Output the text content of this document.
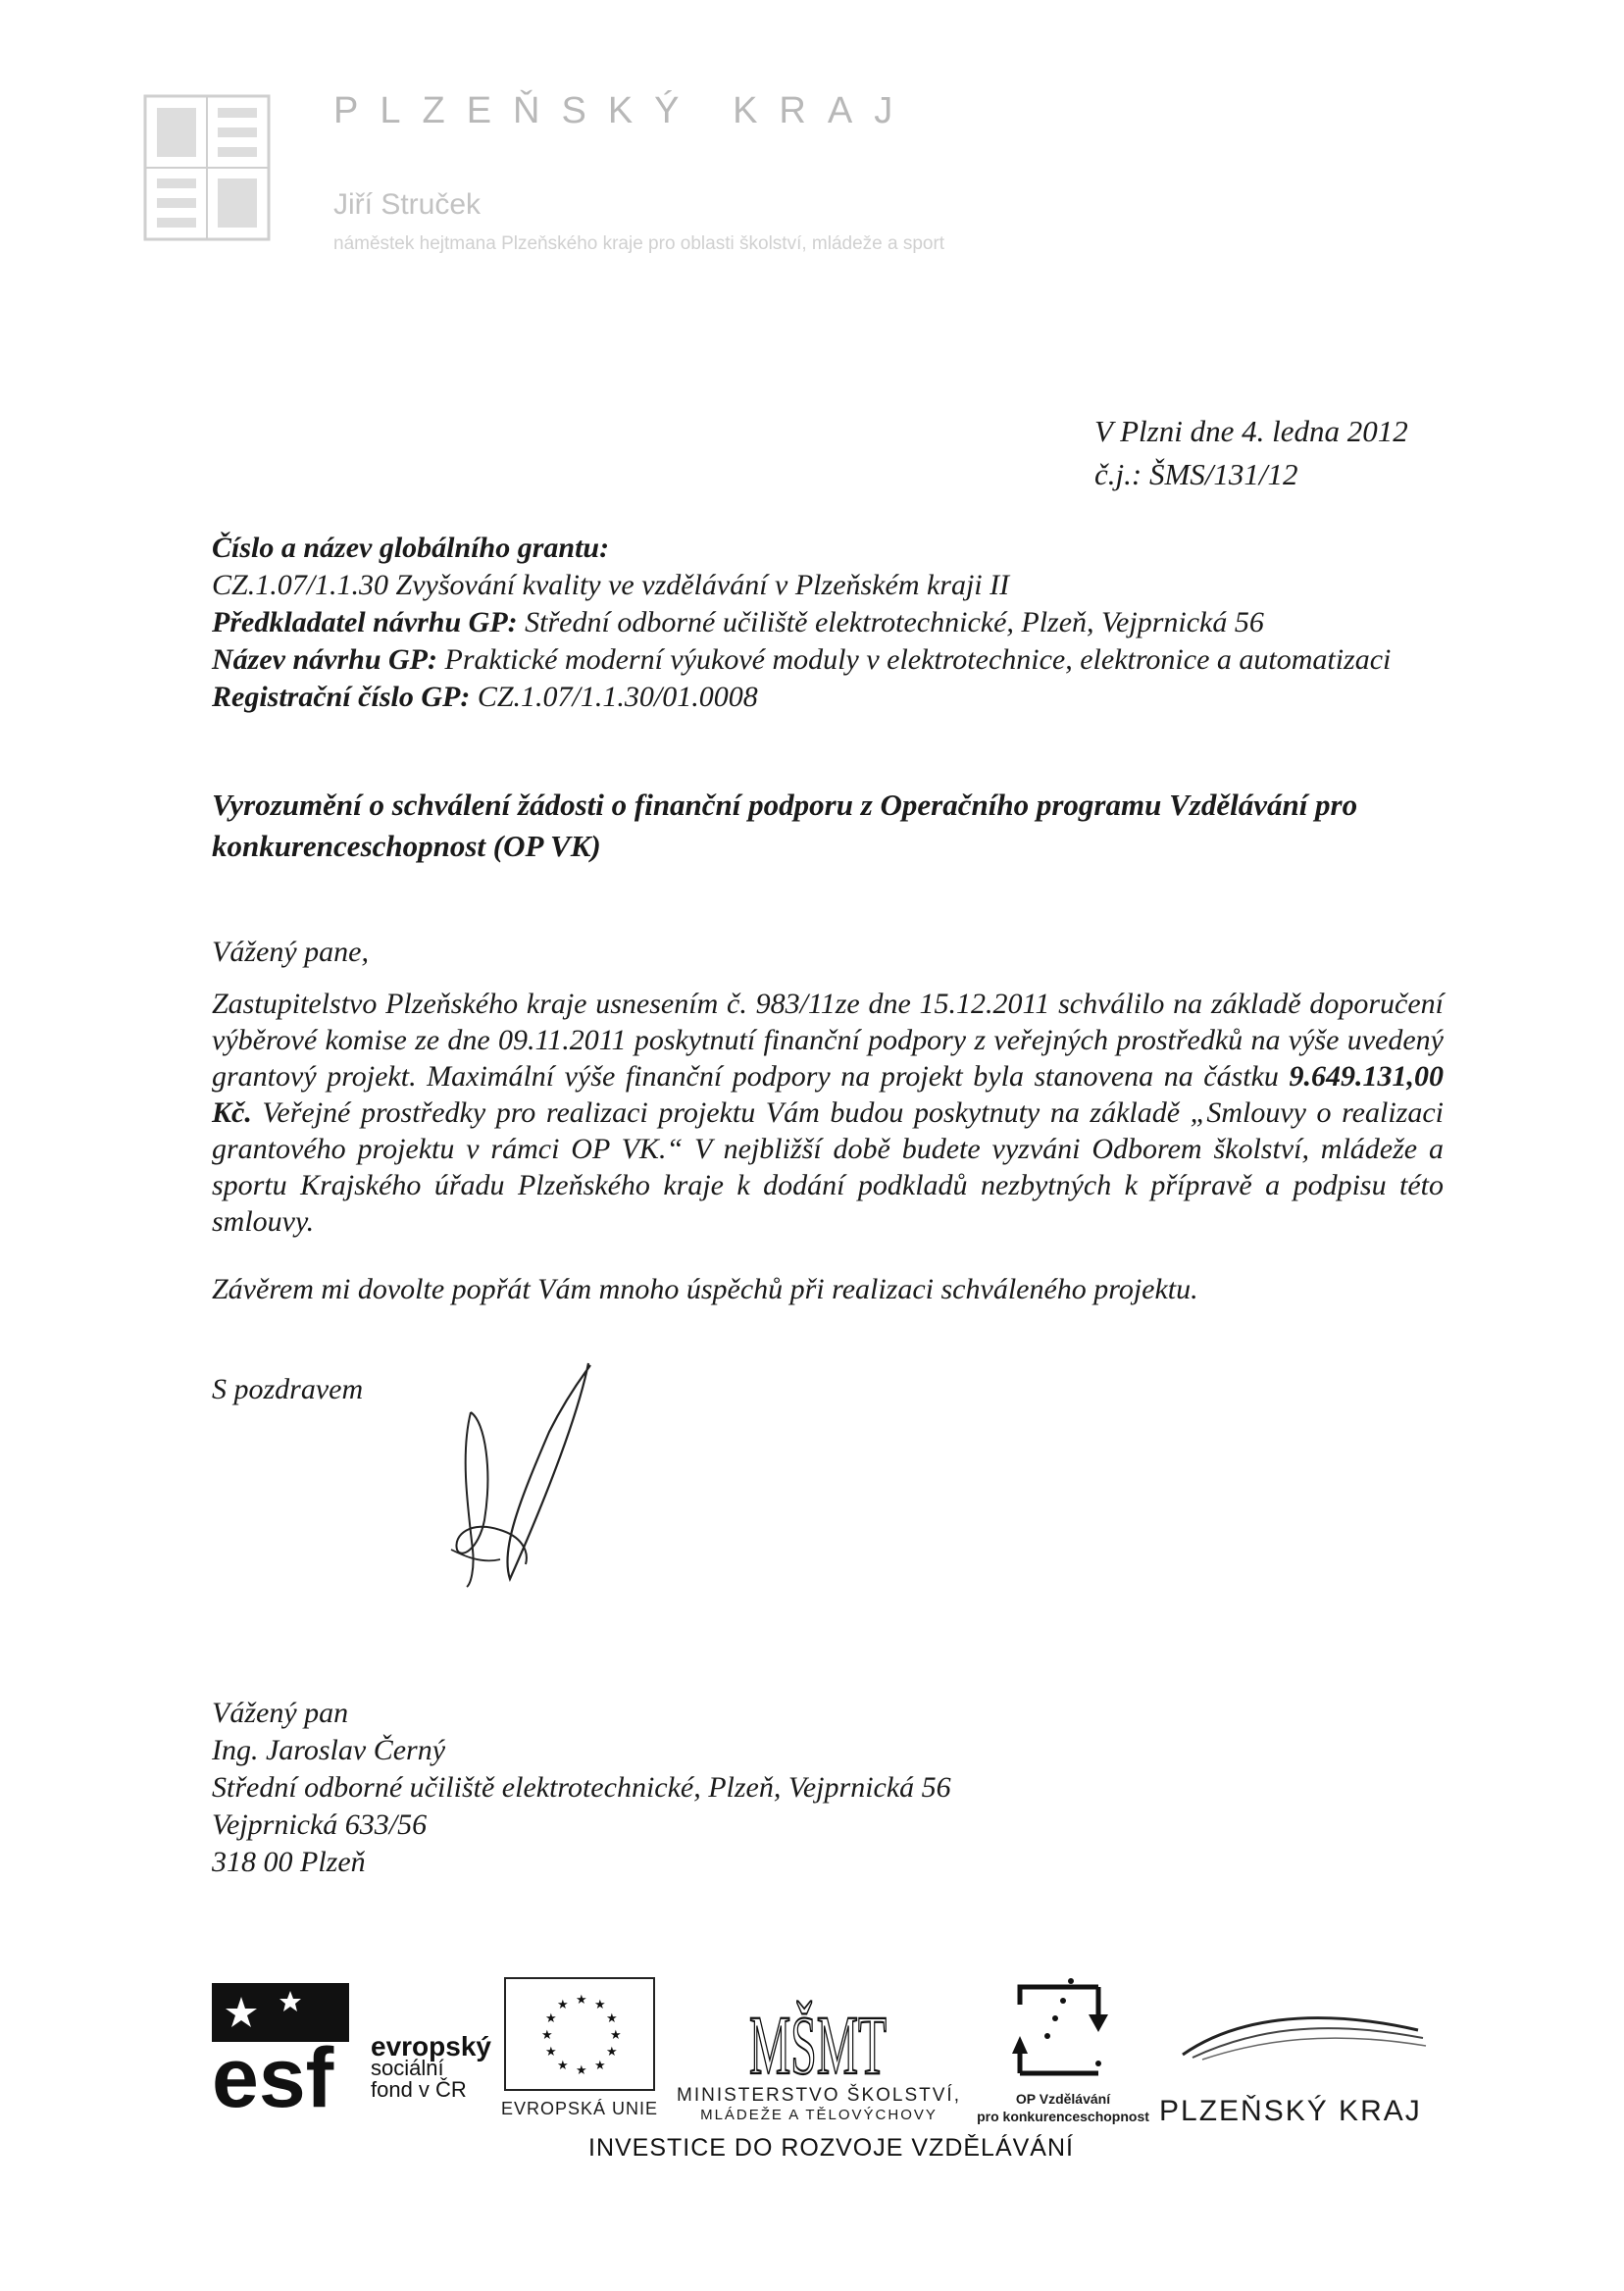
PLZEŇSKÝ KRAJ
Jiří Struček
náměstek hejtmana Plzeňského kraje pro oblasti školství, mládeže a sport
V Plzni dne 4. ledna 2012
č.j.: ŠMS/131/12
Číslo a název globálního grantu:
CZ.1.07/1.1.30 Zvyšování kvality ve vzdělávání v Plzeňském kraji II
Předkladatel návrhu GP: Střední odborné učiliště elektrotechnické, Plzeň, Vejprnická 56
Název návrhu GP: Praktické moderní výukové moduly v elektrotechnice, elektronice a automatizaci
Registrační číslo GP: CZ.1.07/1.1.30/01.0008
Vyrozumění o schválení žádosti o finanční podporu z Operačního programu Vzdělávání pro konkurenceschopnost (OP VK)
Vážený pane,
Zastupitelstvo Plzeňského kraje usnesením č. 983/11ze dne 15.12.2011 schválilo na základě doporučení výběrové komise ze dne 09.11.2011 poskytnutí finanční podpory z veřejných prostředků na výše uvedený grantový projekt. Maximální výše finanční podpory na projekt byla stanovena na částku 9.649.131,00 Kč. Veřejné prostředky pro realizaci projektu Vám budou poskytnuty na základě „Smlouvy o realizaci grantového projektu v rámci OP VK.“ V nejbližší době budete vyzváni Odborem školství, mládeže a sportu Krajského úřadu Plzeňského kraje k dodání podkladů nezbytných k přípravě a podpisu této smlouvy.
Závěrem mi dovolte popřát Vám mnoho úspěchů při realizaci schváleného projektu.
S pozdravem
Vážený pan
Ing. Jaroslav Černý
Střední odborné učiliště elektrotechnické, Plzeň, Vejprnická 56
Vejprnická 633/56
318 00 Plzeň
esf evropský
sociální
fond v ČR
★ ★
★
★
★
★
★
★
★
★
★
★
EVROPSKÁ UNIE
MŠMT
MINISTERSTVO ŠKOLSTVÍ,
MLÁDEŽE A TĚLOVÝCHOVY
OP Vzdělávání
pro konkurenceschopnost PLZEŇSKÝ KRAJ
INVESTICE DO ROZVOJE VZDĚLÁVÁNÍ
